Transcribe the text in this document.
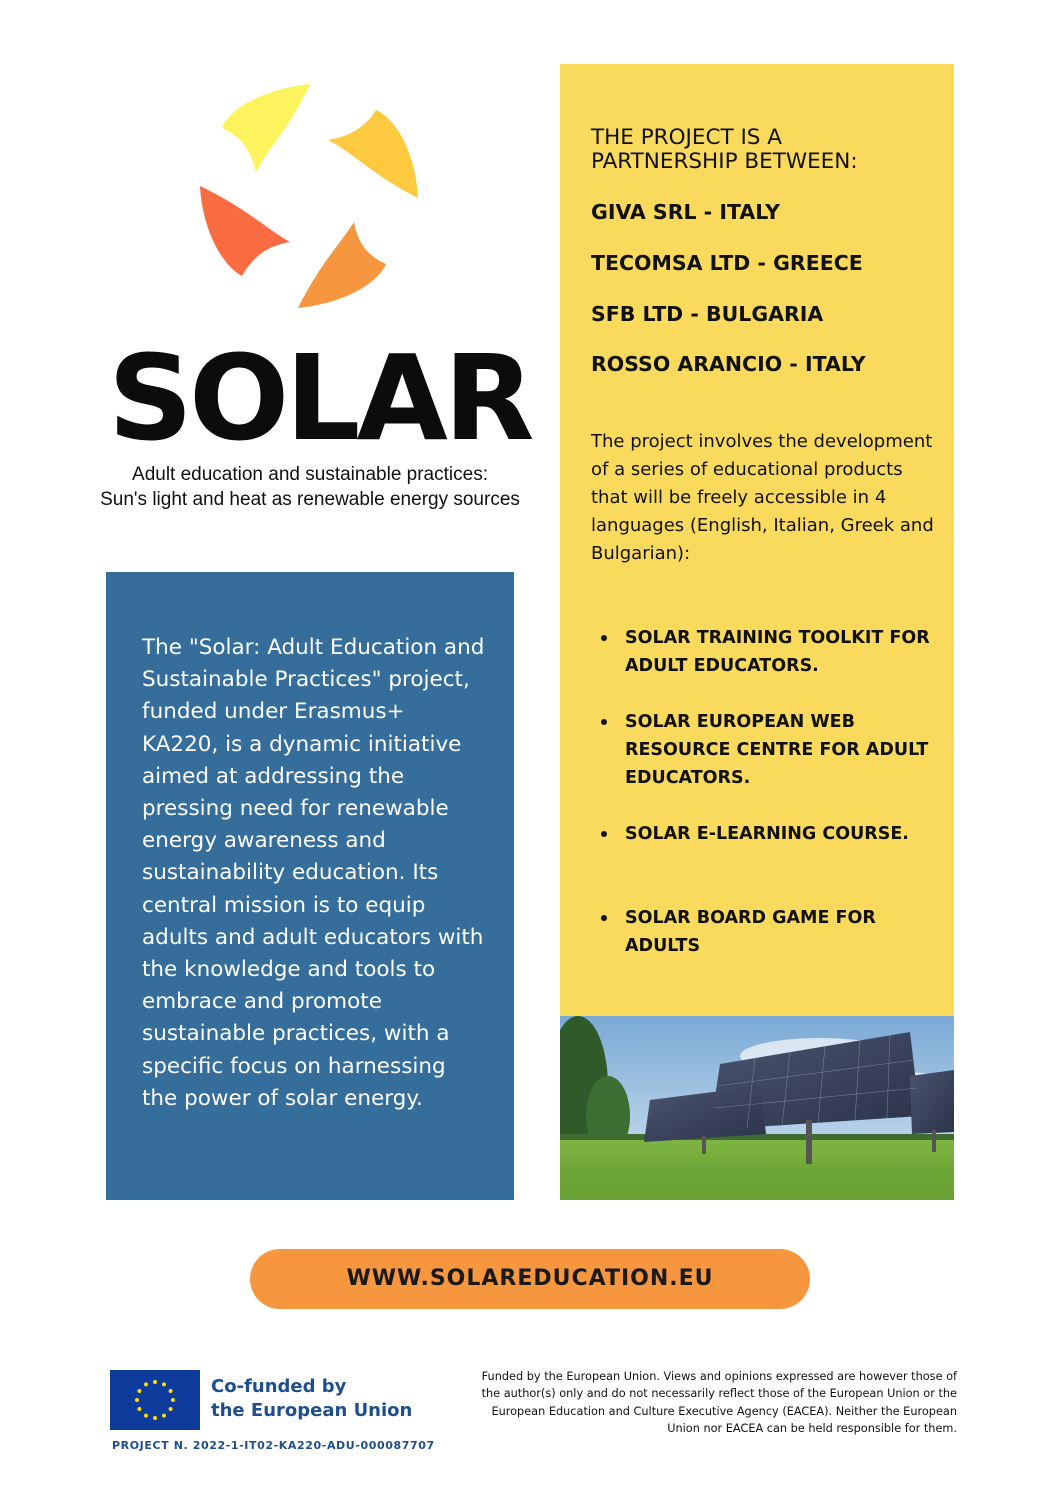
SOLAR
Adult education and sustainable practices:
Sun's light and heat as renewable energy sources

The "Solar: Adult Education and Sustainable Practices" project, funded under Erasmus+ KA220, is a dynamic initiative aimed at addressing the pressing need for renewable energy awareness and sustainability education. Its central mission is to equip adults and adult educators with the knowledge and tools to embrace and promote sustainable practices, with a specific focus on harnessing the power of solar energy.

THE PROJECT IS A
PARTNERSHIP BETWEEN:
GIVA SRL - ITALY
TECOMSA LTD - GREECE
SFB LTD - BULGARIA
ROSSO ARANCIO - ITALY

The project involves the development of a series of educational products that will be freely accessible in 4 languages (English, Italian, Greek and Bulgarian):

SOLAR TRAINING TOOLKIT FOR ADULT EDUCATORS.
SOLAR EUROPEAN WEB RESOURCE CENTRE FOR ADULT EDUCATORS.
SOLAR E-LEARNING COURSE.
SOLAR BOARD GAME FOR ADULTS
WWW.SOLAREDUCATION.EU
Co-funded by
the European Union
PROJECT N. 2022-1-IT02-KA220-ADU-000087707

Funded by the European Union. Views and opinions expressed are however those of the author(s) only and do not necessarily reflect those of the European Union or the European Education and Culture Executive Agency (EACEA). Neither the European Union nor EACEA can be held responsible for them.
